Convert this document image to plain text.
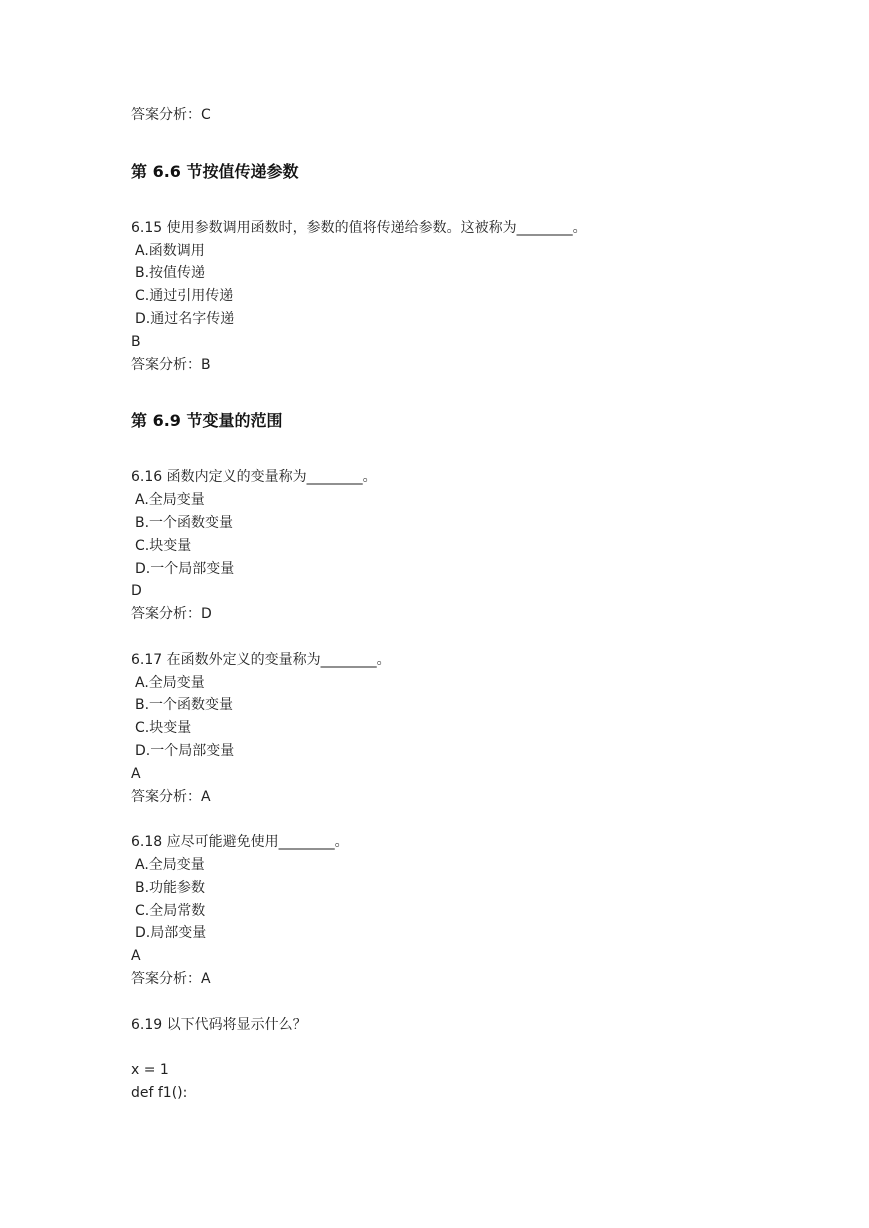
答案分析：C
第 6.6 节按值传递参数
6.15 使用参数调用函数时，参数的值将传递给参数。这被称为________。
A.函数调用
B.按值传递
C.通过引用传递
D.通过名字传递
B
答案分析：B
第 6.9 节变量的范围
6.16 函数内定义的变量称为________。
A.全局变量
B.一个函数变量
C.块变量
D.一个局部变量
D
答案分析：D
6.17 在函数外定义的变量称为________。
A.全局变量
B.一个函数变量
C.块变量
D.一个局部变量
A
答案分析：A
6.18 应尽可能避免使用________。
A.全局变量
B.功能参数
C.全局常数
D.局部变量
A
答案分析：A
6.19 以下代码将显示什么？
x = 1
def f1():
